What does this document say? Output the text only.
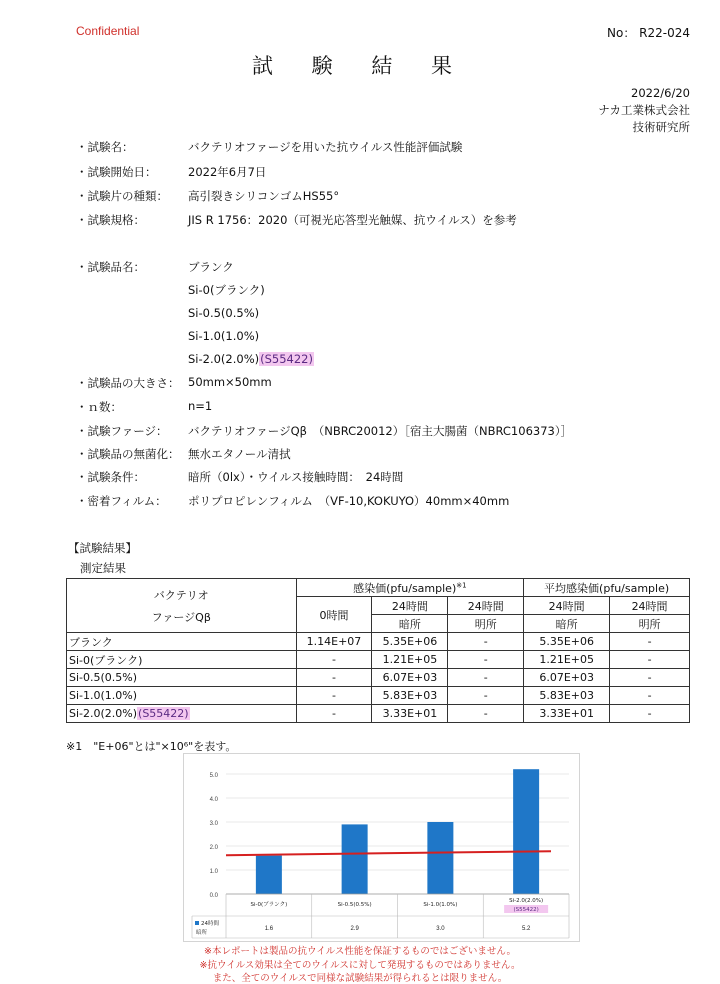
Confidential	No： R22-024
試 験 結 果
2022/6/20
ナカ工業株式会社
技術研究所
・試験名：	バクテリオファージを用いた抗ウイルス性能評価試験
・試験開始日：	2022年6月7日
・試験片の種類： 高引裂きシリコンゴムHS55°
・試験規格：	JIS R 1756：2020（可視光応答型光触媒、抗ウイルス）を参考
・試験品名：	ブランク
Si-0(ブランク)
Si-0.5(0.5%)
Si-1.0(1.0%)
Si-2.0(2.0%)(S55422)
・試験品の大きさ： 50mm×50mm
・ｎ数：	n=1
・試験ファージ： バクテリオファージQβ　（NBRC20012）［宿主大腸菌（NBRC106373）］
・試験品の無菌化： 無水エタノール清拭
・試験条件：	暗所（0lx）・ウイルス接触時間：　24時間
・密着フィルム： ポリプロピレンフィルム　（VF-10,KOKUYO）40mm×40mm
【試験結果】
測定結果
バクテリオ
ファージQβ	感染価(pfu/sample)$^{※1}$			平均感染価(pfu/sample)	
	0時間	24時間	24時間	24時間	24時間
		暗所	明所	暗所	明所
ブランク	1.14E+07	5.35E+06	-	5.35E+06	-
Si-0(ブランク)	-	1.21E+05	-	1.21E+05	-
Si-0.5(0.5%)	-	6.07E+03	-	6.07E+03	-
Si-1.0(1.0%)	-	5.83E+03	-	5.83E+03	-
Si-2.0(2.0%)(S55422)	-	3.33E+01	-	3.33E+01	-
※1　"E+06"とは"×10⁶"を表す。
0.0
1.0
2.0
3.0
4.0
5.0
Si-0(ブランク)
1.6
Si-0.5(0.5%)
2.9
Si-1.0(1.0%)
3.0
Si-2.0(2.0%)
(S55422)
5.2
24時間
暗所
※本レポートは製品の抗ウイルス性能を保証するものではございません。
※抗ウイルス効果は全てのウイルスに対して発現するものではありません。
また、全てのウイルスで同様な試験結果が得られるとは限りません。
